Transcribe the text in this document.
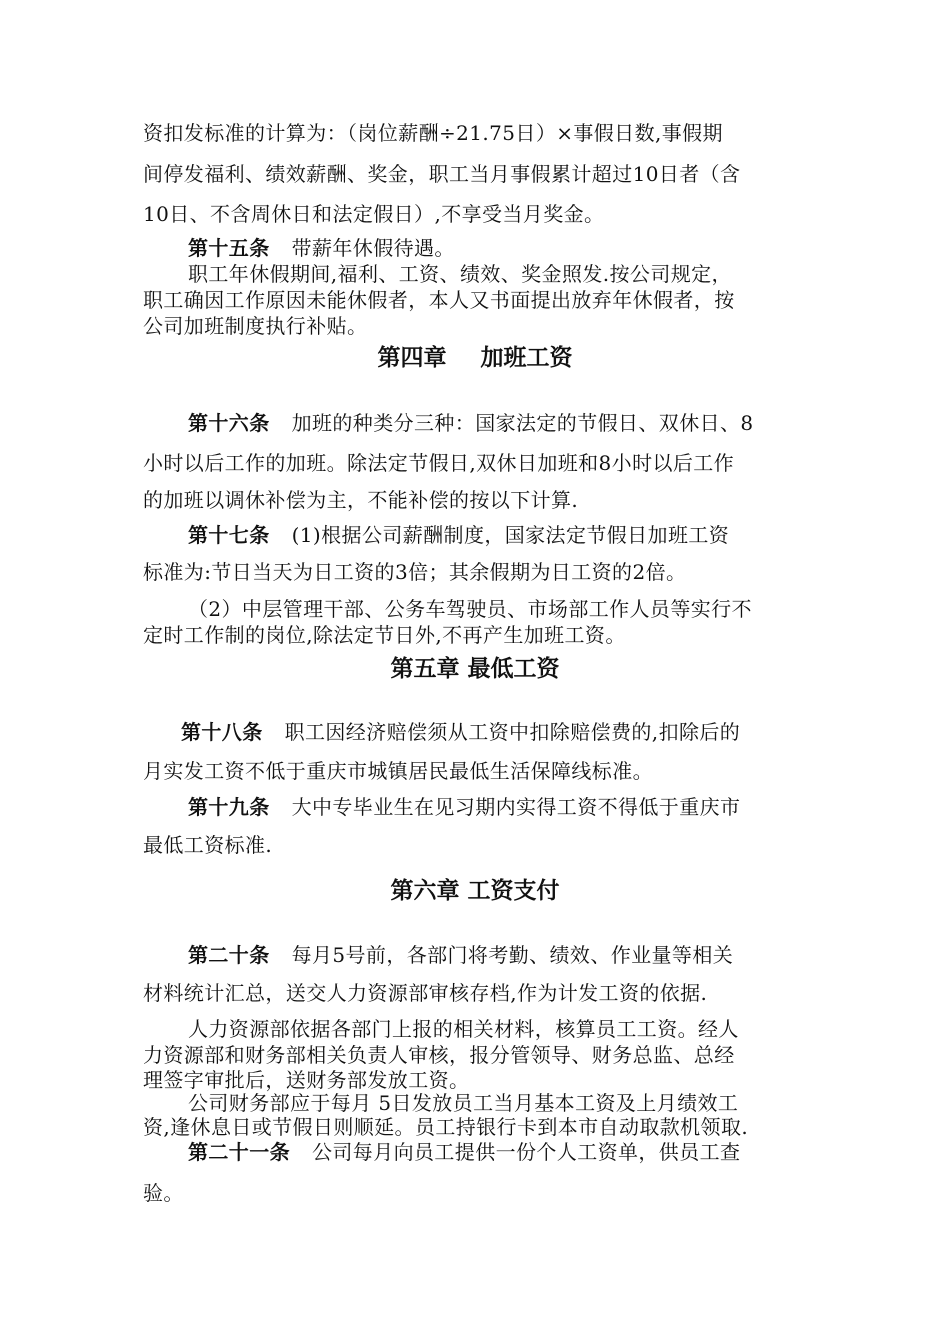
资扣发标准的计算为：（岗位薪酬÷21.75日）×事假日数,事假期
间停发福利、绩效薪酬、奖金，职工当月事假累计超过10日者（含
10日、不含周休日和法定假日）,不享受当月奖金。
第十五条 带薪年休假待遇。
职工年休假期间,福利、工资、绩效、奖金照发.按公司规定，
职工确因工作原因未能休假者，本人又书面提出放弃年休假者，按
公司加班制度执行补贴。
第四章 加班工资
第十六条 加班的种类分三种：国家法定的节假日、双休日、8
小时以后工作的加班。除法定节假日,双休日加班和8小时以后工作
的加班以调休补偿为主，不能补偿的按以下计算.
第十七条 (1)根据公司薪酬制度，国家法定节假日加班工资
标准为:节日当天为日工资的3倍；其余假期为日工资的2倍。
（2）中层管理干部、公务车驾驶员、市场部工作人员等实行不
定时工作制的岗位,除法定节日外,不再产生加班工资。
第五章 最低工资
第十八条 职工因经济赔偿须从工资中扣除赔偿费的,扣除后的
月实发工资不低于重庆市城镇居民最低生活保障线标准。
第十九条 大中专毕业生在见习期内实得工资不得低于重庆市
最低工资标准.
第六章 工资支付
第二十条 每月5号前，各部门将考勤、绩效、作业量等相关
材料统计汇总，送交人力资源部审核存档,作为计发工资的依据.
人力资源部依据各部门上报的相关材料，核算员工工资。经人
力资源部和财务部相关负责人审核，报分管领导、财务总监、总经
理签字审批后，送财务部发放工资。
公司财务部应于每月 5日发放员工当月基本工资及上月绩效工
资,逢休息日或节假日则顺延。员工持银行卡到本市自动取款机领取.
第二十一条 公司每月向员工提供一份个人工资单，供员工查
验。
